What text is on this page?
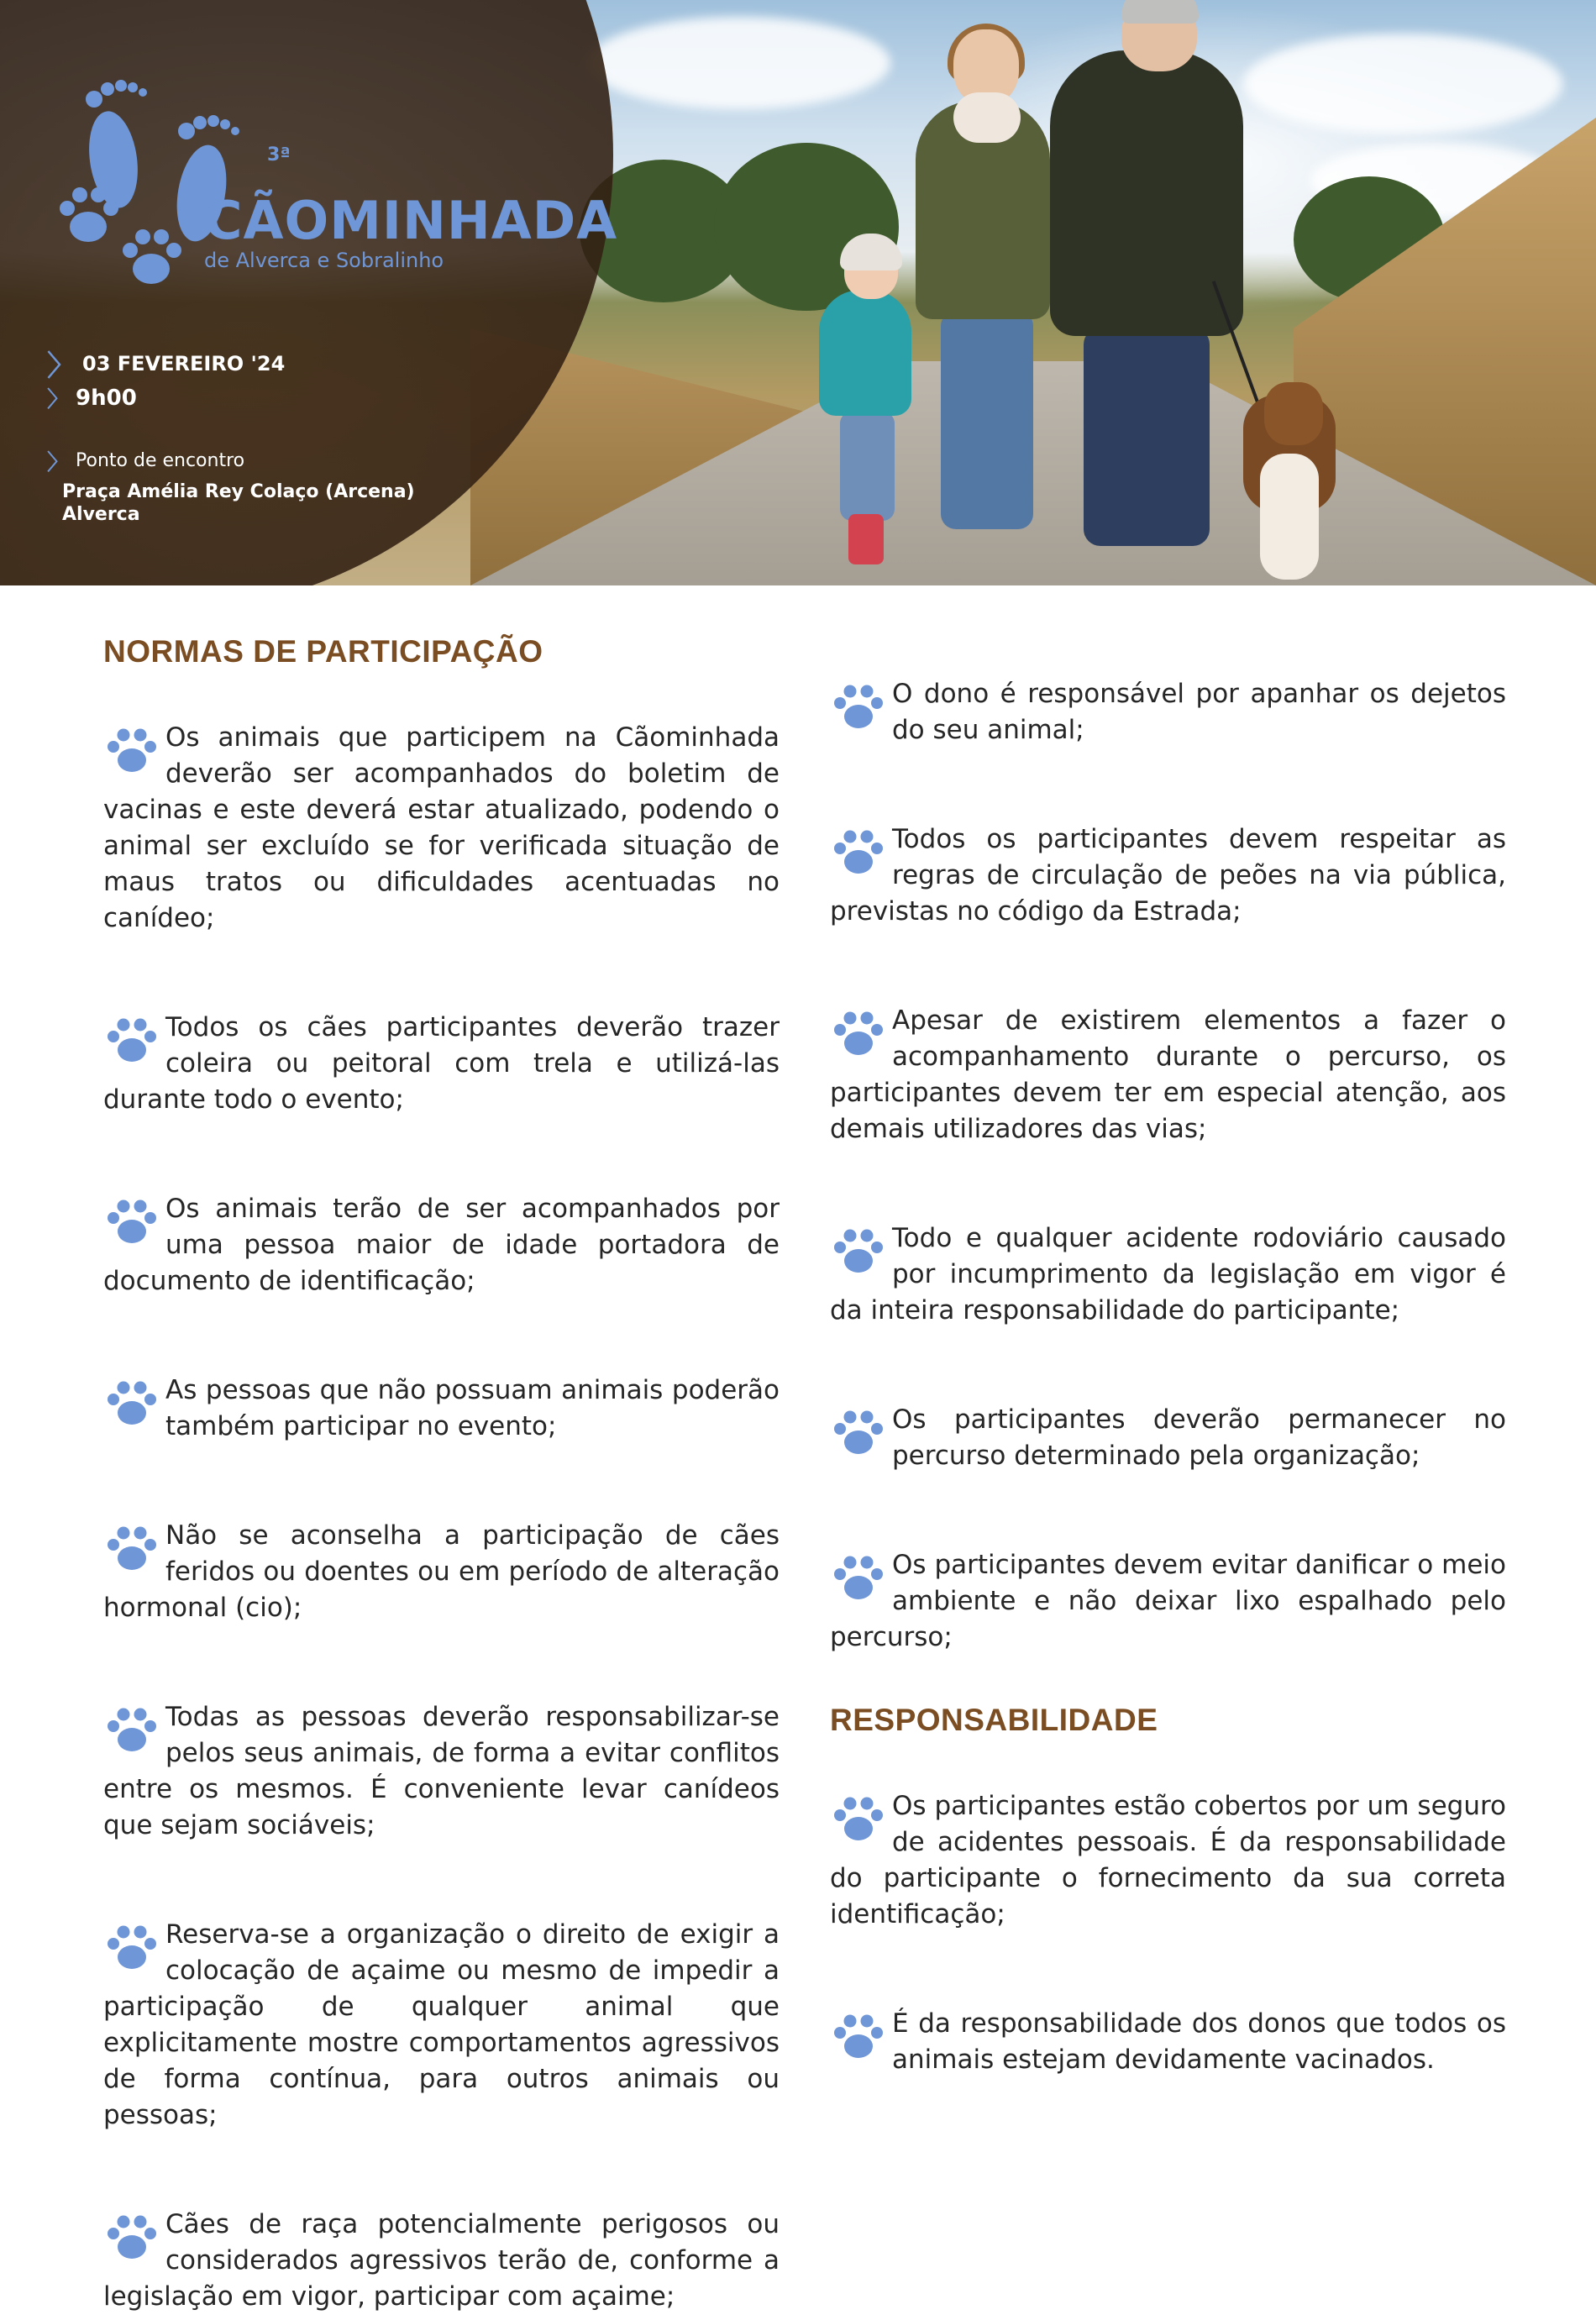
3ª
CÃOMINHADA
de Alverca e Sobralinho
〉 03 FEVEREIRO '24
〉 9h00
〉 Ponto de encontro
Praça Amélia Rey Colaço (Arcena)
Alverca
NORMAS DE PARTICIPAÇÃO

Os animais que participem na Cãominhada deverão ser acompanhados do boletim de vacinas e este deverá estar atualizado, podendo o animal ser excluído se for verificada situação de maus tratos ou dificuldades acentuadas no canídeo;

Todos os cães participantes deverão trazer coleira ou peitoral com trela e utilizá-las durante todo o evento;

Os animais terão de ser acompanhados por uma pessoa maior de idade portadora de documento de identificação;

As pessoas que não possuam animais poderão também participar no evento;

Não se aconselha a participação de cães feridos ou doentes ou em período de alteração hormonal (cio);

Todas as pessoas deverão responsabilizar-se pelos seus animais, de forma a evitar conflitos entre os mesmos. É conveniente levar canídeos que sejam sociáveis;

Reserva-se a organização o direito de exigir a colocação de açaime ou mesmo de impedir a participação de qualquer animal que explicitamente mostre comportamentos agressivos de forma contínua, para outros animais ou pessoas;

Cães de raça potencialmente perigosos ou considerados agressivos terão de, conforme a legislação em vigor, participar com açaime;

O dono é responsável por apanhar os dejetos do seu animal;

Todos os participantes devem respeitar as regras de circulação de peões na via pública, previstas no código da Estrada;

Apesar de existirem elementos a fazer o acompanhamento durante o percurso, os participantes devem ter em especial atenção, aos demais utilizadores das vias;

Todo e qualquer acidente rodoviário causado por incumprimento da legislação em vigor é da inteira responsabilidade do participante;

Os participantes deverão permanecer no percurso determinado pela organização;

Os participantes devem evitar danificar o meio ambiente e não deixar lixo espalhado pelo percurso;

RESPONSABILIDADE

Os participantes estão cobertos por um seguro de acidentes pessoais. É da responsabilidade do participante o fornecimento da sua correta identificação;

É da responsabilidade dos donos que todos os animais estejam devidamente vacinados.
